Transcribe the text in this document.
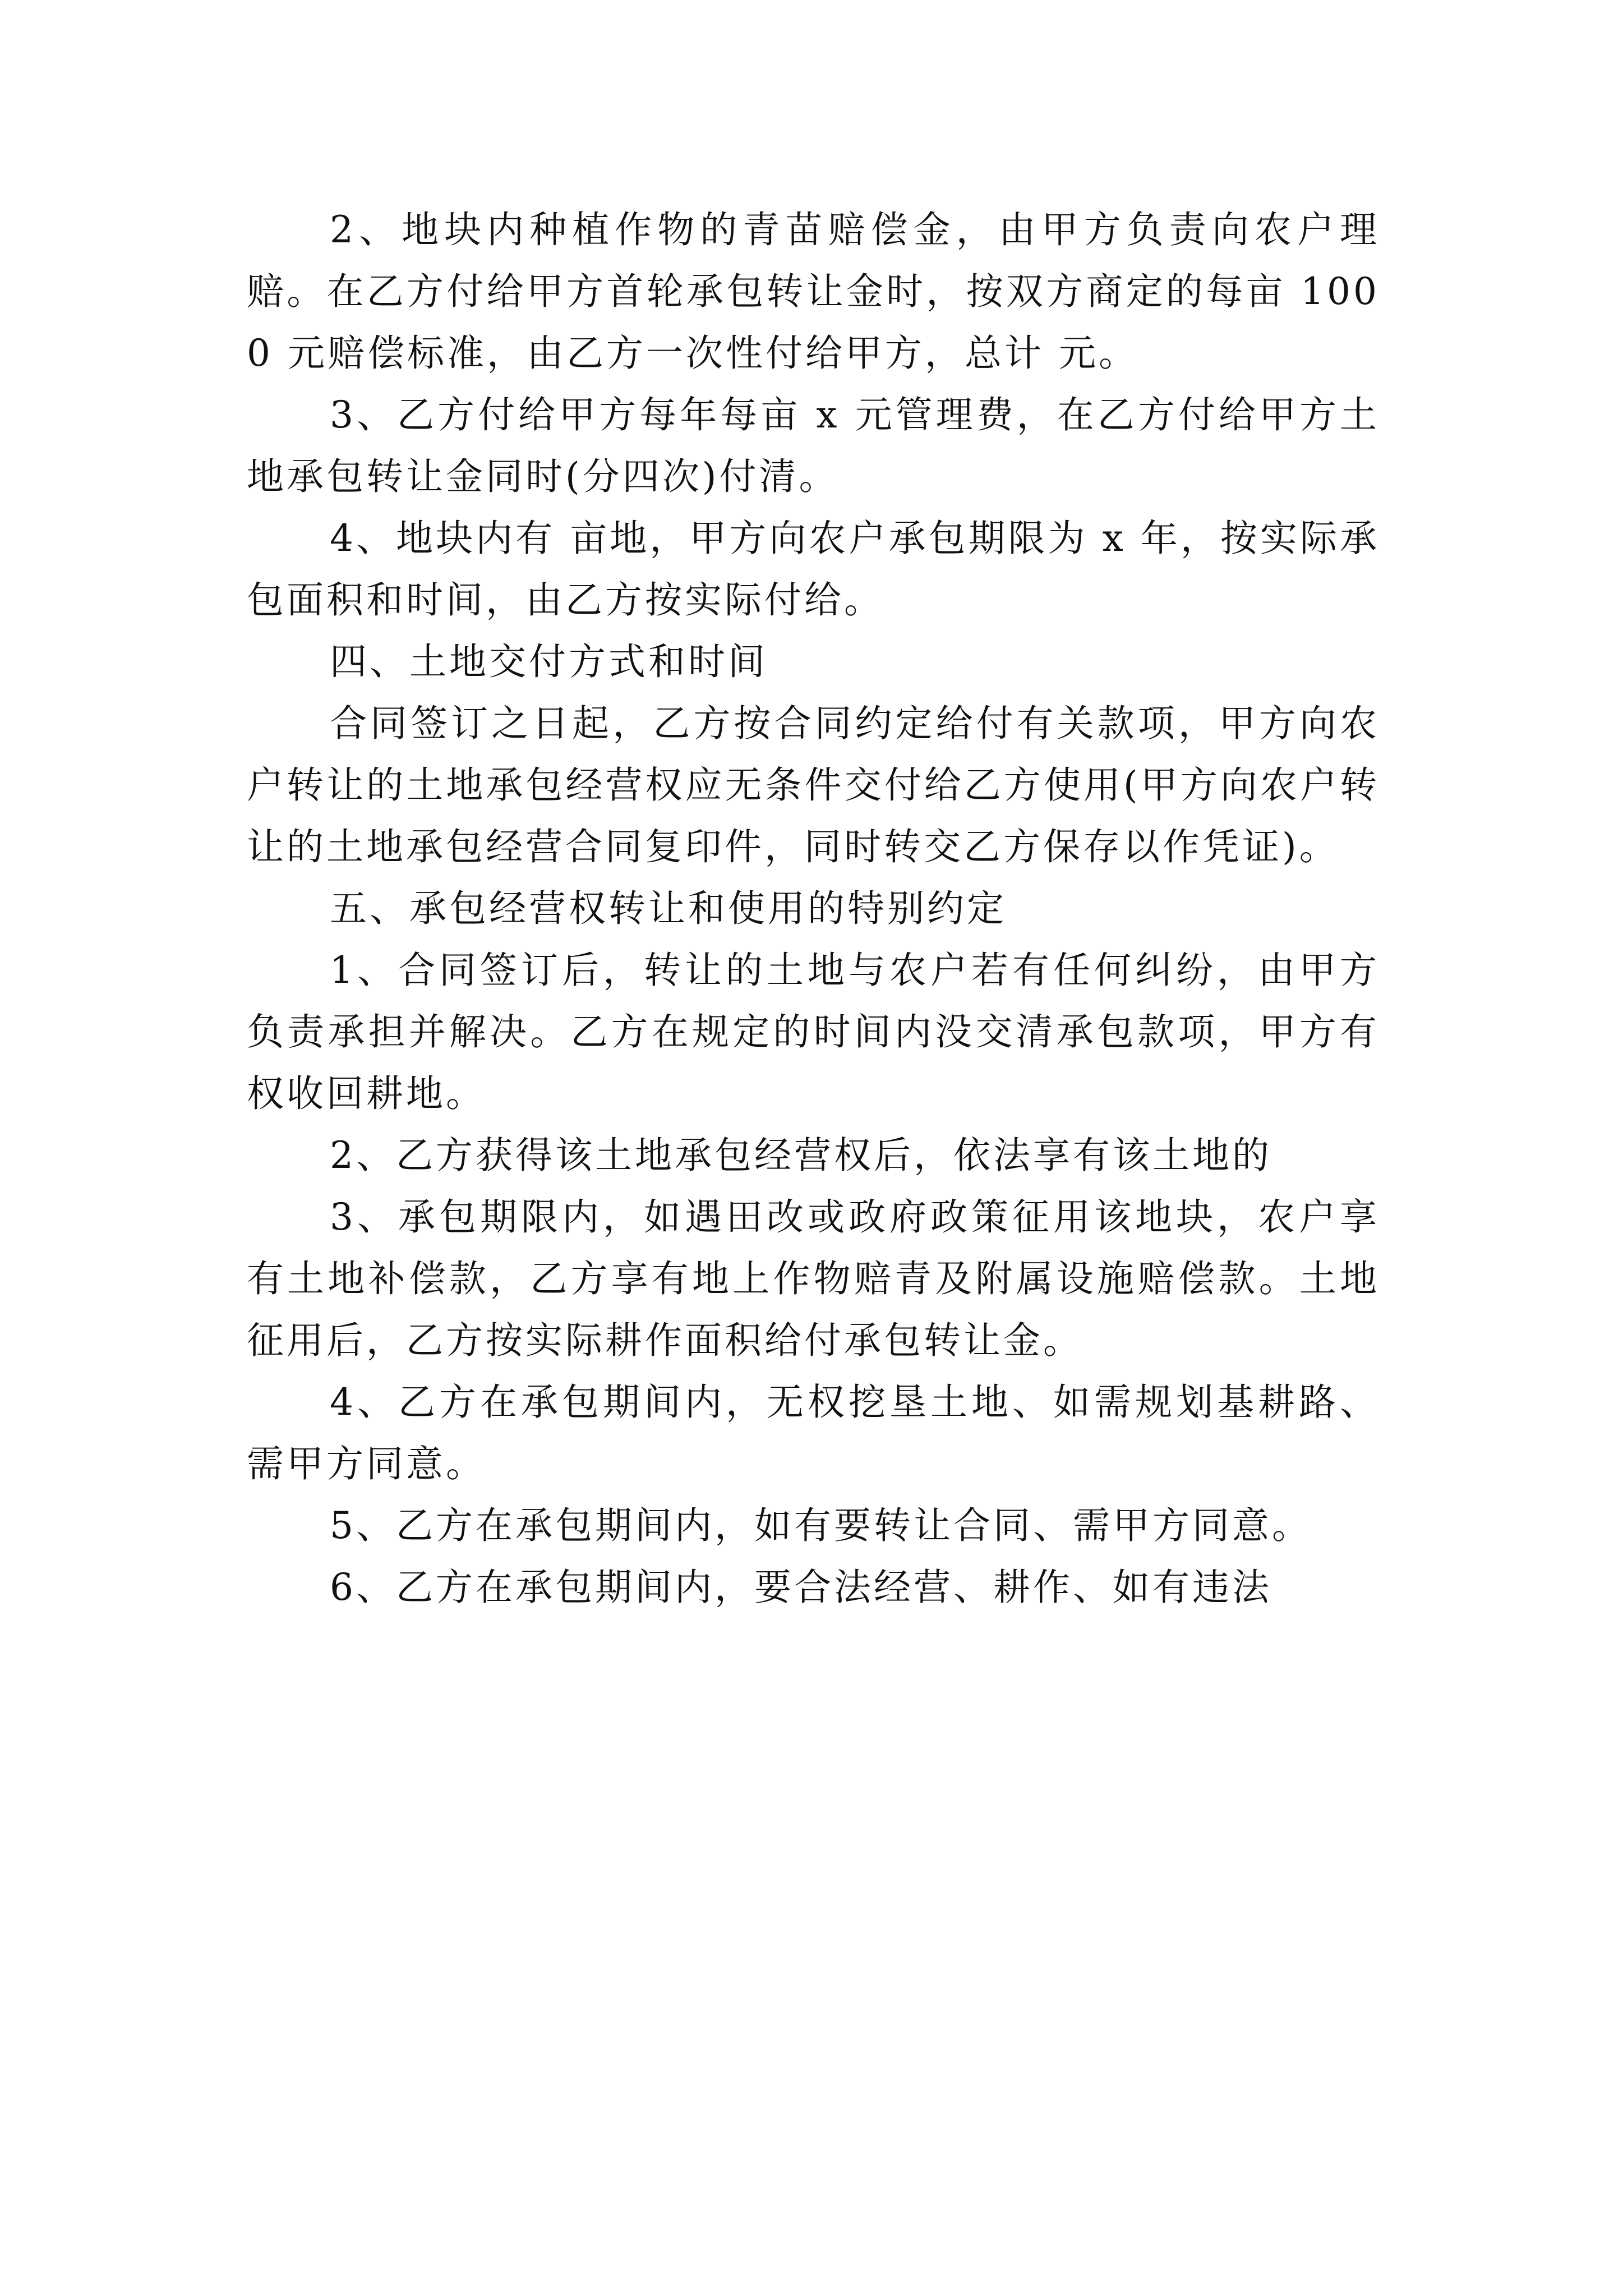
2、地块内种植作物的青苗赔偿金，由甲方负责向农户理赔。在乙方付给甲方首轮承包转让金时，按双方商定的每亩 1000 元赔偿标准，由乙方一次性付给甲方，总计 元。

3、乙方付给甲方每年每亩 x 元管理费，在乙方付给甲方土地承包转让金同时(分四次)付清。

4、地块内有 亩地，甲方向农户承包期限为 x 年，按实际承包面积和时间，由乙方按实际付给。

四、土地交付方式和时间

合同签订之日起，乙方按合同约定给付有关款项，甲方向农户转让的土地承包经营权应无条件交付给乙方使用(甲方向农户转让的土地承包经营合同复印件，同时转交乙方保存以作凭证)。

五、承包经营权转让和使用的特别约定

1、合同签订后，转让的土地与农户若有任何纠纷，由甲方负责承担并解决。乙方在规定的时间内没交清承包款项，甲方有权收回耕地。

2、乙方获得该土地承包经营权后，依法享有该土地的

3、承包期限内，如遇田改或政府政策征用该地块，农户享有土地补偿款，乙方享有地上作物赔青及附属设施赔偿款。土地征用后，乙方按实际耕作面积给付承包转让金。

4、乙方在承包期间内，无权挖垦土地、如需规划基耕路、需甲方同意。

5、乙方在承包期间内，如有要转让合同、需甲方同意。

6、乙方在承包期间内，要合法经营、耕作、如有违法
